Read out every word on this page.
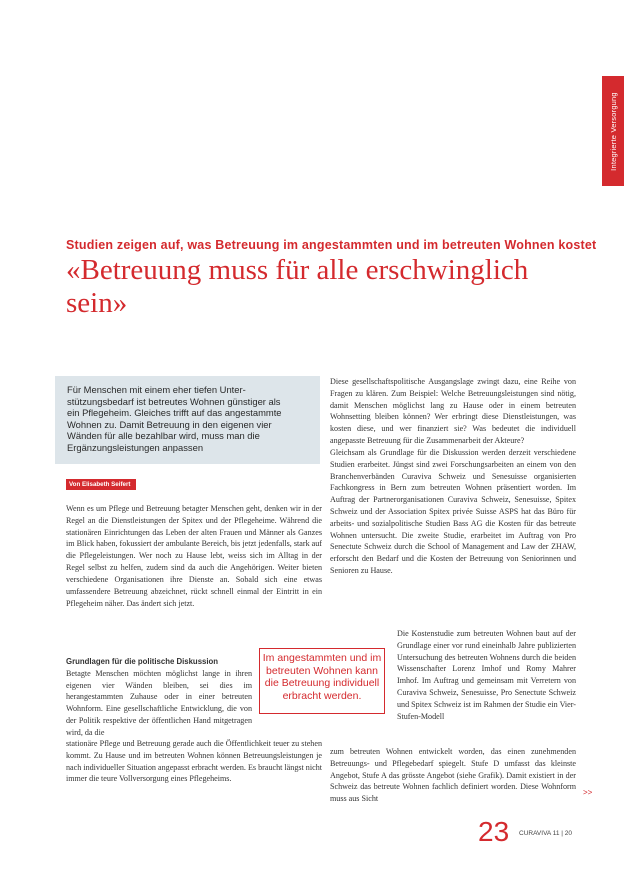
Integrierte Versorgung
Studien zeigen auf, was Betreuung im angestammten und im betreuten Wohnen kostet
«Betreuung muss für alle erschwinglich sein»

Für Menschen mit einem eher tiefen Unterstützungsbedarf ist betreutes Wohnen günstiger als ein Pflegeheim. Gleiches trifft auf das angestammte Wohnen zu. Damit Betreuung in den eigenen vier Wänden für alle bezahlbar wird, muss man die Ergänzungsleistungen anpassen

Von Elisabeth Seifert

Wenn es um Pflege und Betreuung betagter Menschen geht, denken wir in der Regel an die Dienstleistungen der Spitex und der Pflegeheime. Während die stationären Einrichtungen das Leben der alten Frauen und Männer als Ganzes im Blick haben, fokussiert der ambulante Bereich, bis jetzt jedenfalls, stark auf die Pflegeleistungen. Wer noch zu Hause lebt, weiss sich im Alltag in der Regel selbst zu helfen, zudem sind da auch die Angehörigen. Weiter bieten verschiedene Organisationen ihre Dienste an. Sobald sich eine etwas umfassendere Betreuung abzeichnet, rückt schnell einmal der Eintritt in ein Pflegeheim näher. Das ändert sich jetzt.

Grundlagen für die politische Diskussion

Betagte Menschen möchten möglichst lange in ihren eigenen vier Wänden bleiben, sei dies im herangestammten Zuhause oder in einer betreuten Wohnform. Eine gesellschaftliche Entwicklung, die von der Politik respektive der öffentlichen Hand mitgetragen wird, da die

stationäre Pflege und Betreuung gerade auch die Öffentlichkeit teuer zu stehen kommt. Zu Hause und im betreuten Wohnen können Betreuungsleistungen je nach individueller Situation angepasst erbracht werden. Es braucht längst nicht immer die teure Vollversorgung eines Pflegeheims.

Im angestammten und im betreuten Wohnen kann die Betreuung individuell erbracht werden.

Diese gesellschaftspolitische Ausgangslage zwingt dazu, eine Reihe von Fragen zu klären. Zum Beispiel: Welche Betreuungsleistungen sind nötig, damit Menschen möglichst lang zu Hause oder in einem betreuten Wohnsetting bleiben können? Wer erbringt diese Dienstleistungen, was kosten diese, und wer finanziert sie? Was bedeutet die individuell angepasste Betreuung für die Zusammenarbeit der Akteure?

Gleichsam als Grundlage für die Diskussion werden derzeit verschiedene Studien erarbeitet. Jüngst sind zwei Forschungsarbeiten an einem von den Branchenverbänden Curaviva Schweiz und Senesuisse organisierten Fachkongress in Bern zum betreuten Wohnen präsentiert worden. Im Auftrag der Partnerorganisationen Curaviva Schweiz, Senesuisse, Spitex Schweiz und der Association Spitex privée Suisse ASPS hat das Büro für arbeits- und sozialpolitische Studien Bass AG die Kosten für das betreute Wohnen untersucht. Die zweite Studie, erarbeitet im Auftrag von Pro Senectute Schweiz durch die School of Management and Law der ZHAW, erforscht den Bedarf und die Kosten der Betreuung von Seniorinnen und Senioren zu Hause.

Die Kostenstudie zum betreuten Wohnen baut auf der Grundlage einer vor rund eineinhalb Jahre publizierten Untersuchung des betreuten Wohnens durch die beiden Wissenschafter Lorenz Imhof und Romy Mahrer Imhof. Im Auftrag und gemeinsam mit Verretern von Curaviva Schweiz, Senesuisse, Pro Senectute Schweiz und Spitex Schweiz ist im Rahmen der Studie ein Vier-Stufen-Modell

zum betreuten Wohnen entwickelt worden, das einen zunehmenden Betreuungs- und Pflegebedarf spiegelt. Stufe D umfasst das kleinste Angebot, Stufe A das grösste Angebot (siehe Grafik). Damit existiert in der Schweiz das betreute Wohnen fachlich definiert worden. Diese Wohnform muss aus Sicht

>>
23 CURAVIVA 11 | 20
